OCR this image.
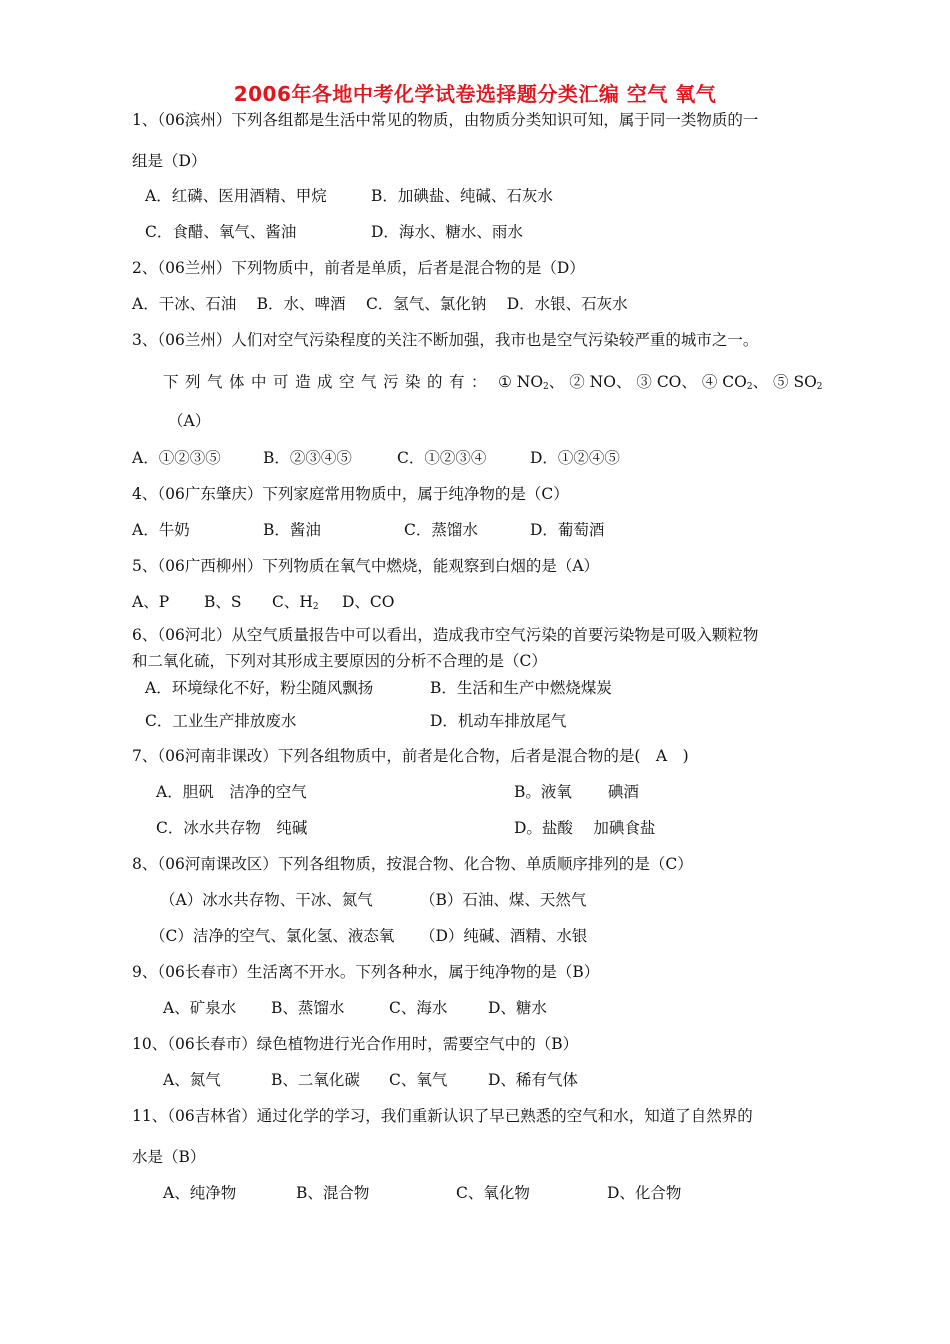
2006年各地中考化学试卷选择题分类汇编 空气 氧气
1、（06滨州）下列各组都是生活中常见的物质，由物质分类知识可知，属于同一类物质的一
组是（D）
A．红磷、医用酒精、甲烷	B．加碘盐、纯碱、石灰水
C．食醋、氧气、酱油	D．海水、糖水、雨水
2、（06兰州）下列物质中，前者是单质，后者是混合物的是（D）
A．干冰、石油　 B．水、啤酒　 C．氢气、氯化钠　 D．水银、石灰水
3、（06兰州）人们对空气污染程度的关注不断加强，我市也是空气污染较严重的城市之一。
下列气体中可造成空气污染的有： ① $NO_2$、 ② NO、 ③ CO、 ④ $CO_2$、 ⑤ $SO_2$
（A）
A．①②③⑤	B．②③④⑤	C．①②③④	D．①②④⑤
4、（06广东肇庆）下列家庭常用物质中，属于纯净物的是（C）
A．牛奶	B．酱油	C．蒸馏水	D．葡萄酒
5、（06广西柳州）下列物质在氧气中燃烧，能观察到白烟的是（A）
A、P B、S C、$H_2$ D、CO
6、（06河北）从空气质量报告中可以看出，造成我市空气污染的首要污染物是可吸入颗粒物
和二氧化硫，下列对其形成主要原因的分析不合理的是（C）
A．环境绿化不好，粉尘随风飘扬	B．生活和生产中燃烧煤炭
C．工业生产排放废水	D．机动车排放尾气
7、（06河南非课改）下列各组物质中，前者是化合物，后者是混合物的是(　A　)
A．胆矾　洁净的空气	B。液氧　　 碘酒
C．冰水共存物　纯碱	D。盐酸　 加碘食盐
8、（06河南课改区）下列各组物质，按混合物、化合物、单质顺序排列的是（C）
（A）冰水共存物、干冰、氮气	（B）石油、煤、天然气
（C）洁净的空气、氯化氢、液态氧 （D）纯碱、酒精、水银
9、（06长春市）生活离不开水。下列各种水，属于纯净物的是（B）
A、矿泉水 B、蒸馏水	C、海水	D、糖水
10、（06长春市）绿色植物进行光合作用时，需要空气中的（B）
A、氮气	B、二氧化碳 C、氧气	D、稀有气体
11、（06吉林省）通过化学的学习，我们重新认识了早已熟悉的空气和水，知道了自然界的
水是（B）
A、纯净物	B、混合物	C、氧化物	D、化合物
